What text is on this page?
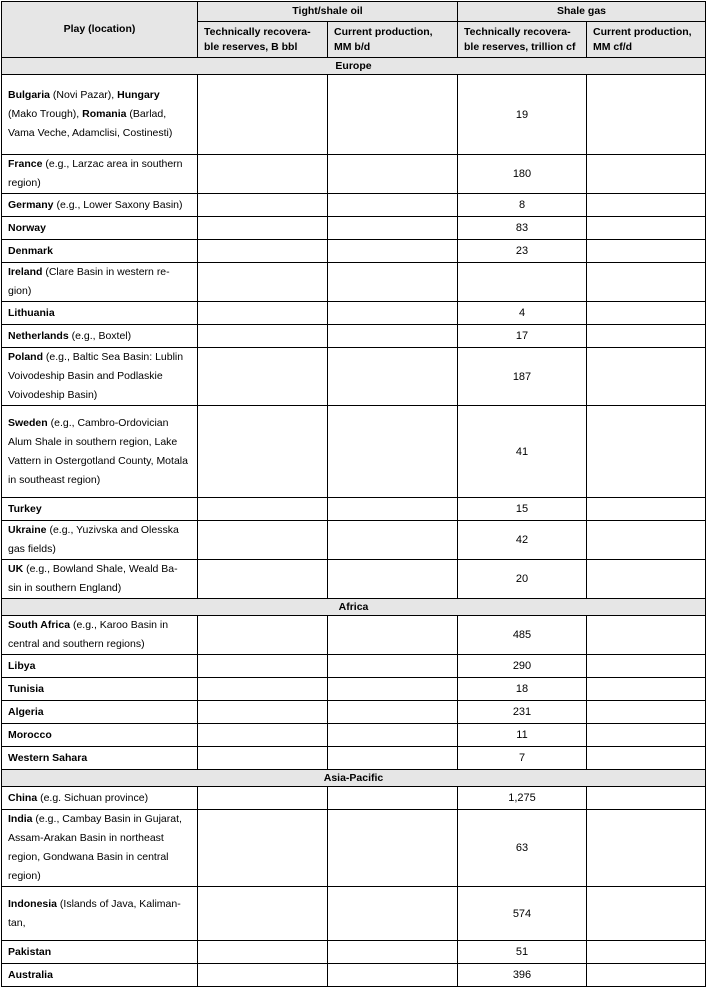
Play (location)	Tight/shale oil		Shale gas	
	Technically recovera-ble reserves, B bbl	Current production, MM b/d	Technically recovera-ble reserves, trillion cf	Current production, MM cf/d
Europe				
Bulgaria (Novi Pazar), Hungary (Mako Trough), Romania (Barlad, Vama Veche, Adamclisi, Costinesti)			19	
France (e.g., Larzac area in southern region)			180	
Germany (e.g., Lower Saxony Basin)			8	
Norway			83	
Denmark			23	
Ireland (Clare Basin in western re-gion)				
Lithuania			4	
Netherlands (e.g., Boxtel)			17	
Poland (e.g., Baltic Sea Basin: Lublin Voivodeship Basin and Podlaskie Voivodeship Basin)			187	
Sweden (e.g., Cambro-Ordovician Alum Shale in southern region, Lake Vattern in Ostergotland County, Motala in southeast region)			41	
Turkey			15	
Ukraine (e.g., Yuzivska and Olesska gas fields)			42	
UK (e.g., Bowland Shale, Weald Ba-sin in southern England)			20	
Africa				
South Africa (e.g., Karoo Basin in central and southern regions)			485	
Libya			290	
Tunisia			18	
Algeria			231	
Morocco			11	
Western Sahara			7	
Asia-Pacific				
China (e.g. Sichuan province)			1,275	
India (e.g., Cambay Basin in Gujarat, Assam-Arakan Basin in northeast region, Gondwana Basin in central region)			63	
Indonesia (Islands of Java, Kaliman-tan,			574	
Pakistan			51	
Australia			396	
